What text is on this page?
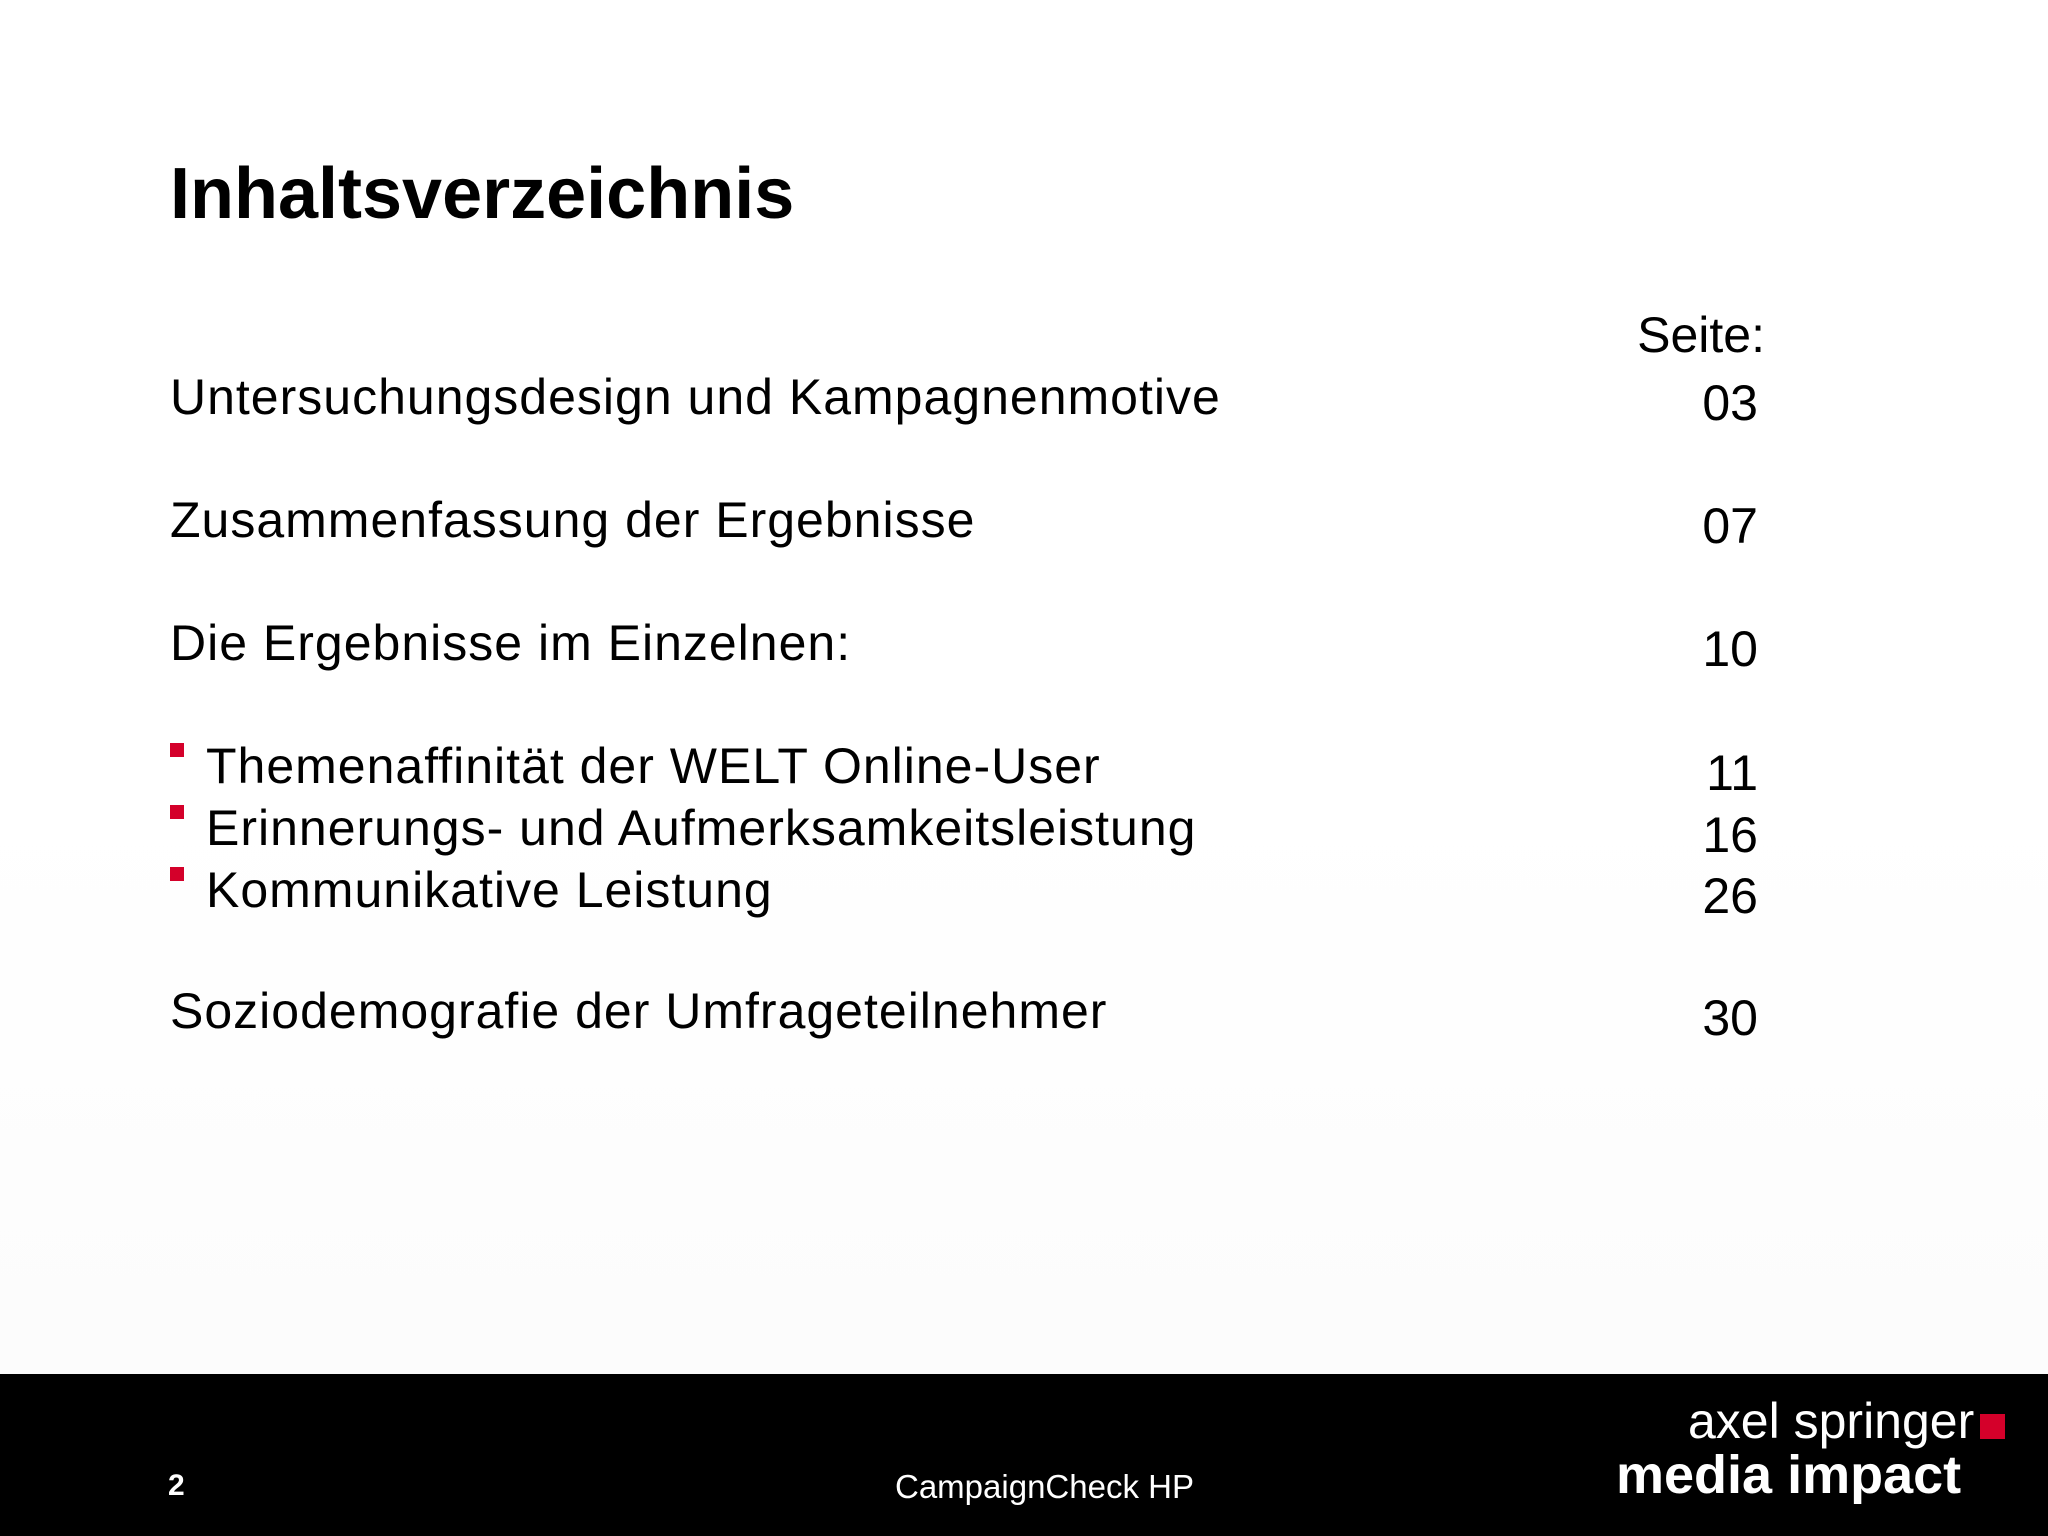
Inhaltsverzeichnis
Seite:
Untersuchungsdesign und Kampagnenmotive	03
Zusammenfassung der Ergebnisse	07
Die Ergebnisse im Einzelnen:	10
Themenaffinität der WELT Online-User	11
Erinnerungs- und Aufmerksamkeitsleistung	16
Kommunikative Leistung	26
Soziodemografie der Umfrageteilnehmer	30
2	CampaignCheck HP
axel springer
media impact
